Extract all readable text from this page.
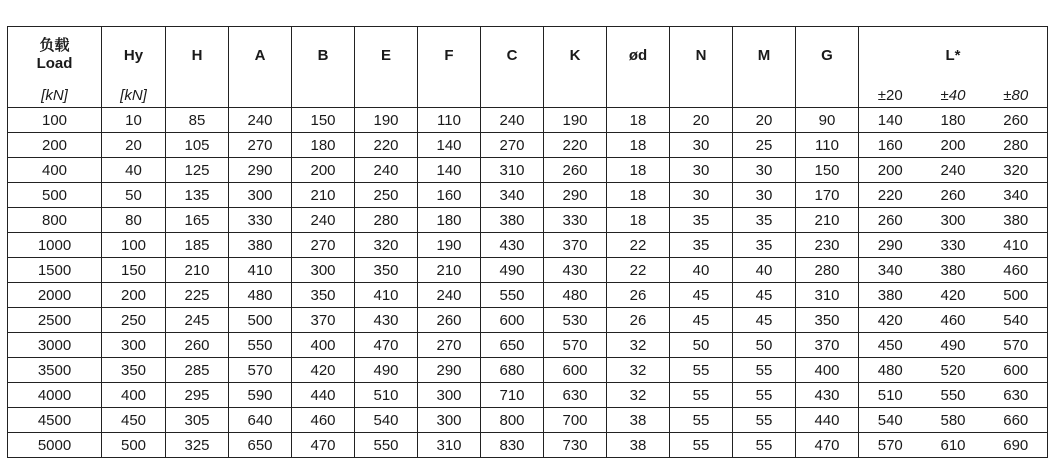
负载
Load	Hy	H	A	B	E	F	C	K	ød	N	M	G	L*		
[kN]	[kN]												±20	±40	±80
100	10	85	240	150	190	110	240	190	18	20	20	90	140	180	260
200	20	105	270	180	220	140	270	220	18	30	25	110	160	200	280
400	40	125	290	200	240	140	310	260	18	30	30	150	200	240	320
500	50	135	300	210	250	160	340	290	18	30	30	170	220	260	340
800	80	165	330	240	280	180	380	330	18	35	35	210	260	300	380
1000	100	185	380	270	320	190	430	370	22	35	35	230	290	330	410
1500	150	210	410	300	350	210	490	430	22	40	40	280	340	380	460
2000	200	225	480	350	410	240	550	480	26	45	45	310	380	420	500
2500	250	245	500	370	430	260	600	530	26	45	45	350	420	460	540
3000	300	260	550	400	470	270	650	570	32	50	50	370	450	490	570
3500	350	285	570	420	490	290	680	600	32	55	55	400	480	520	600
4000	400	295	590	440	510	300	710	630	32	55	55	430	510	550	630
4500	450	305	640	460	540	300	800	700	38	55	55	440	540	580	660
5000	500	325	650	470	550	310	830	730	38	55	55	470	570	610	690
